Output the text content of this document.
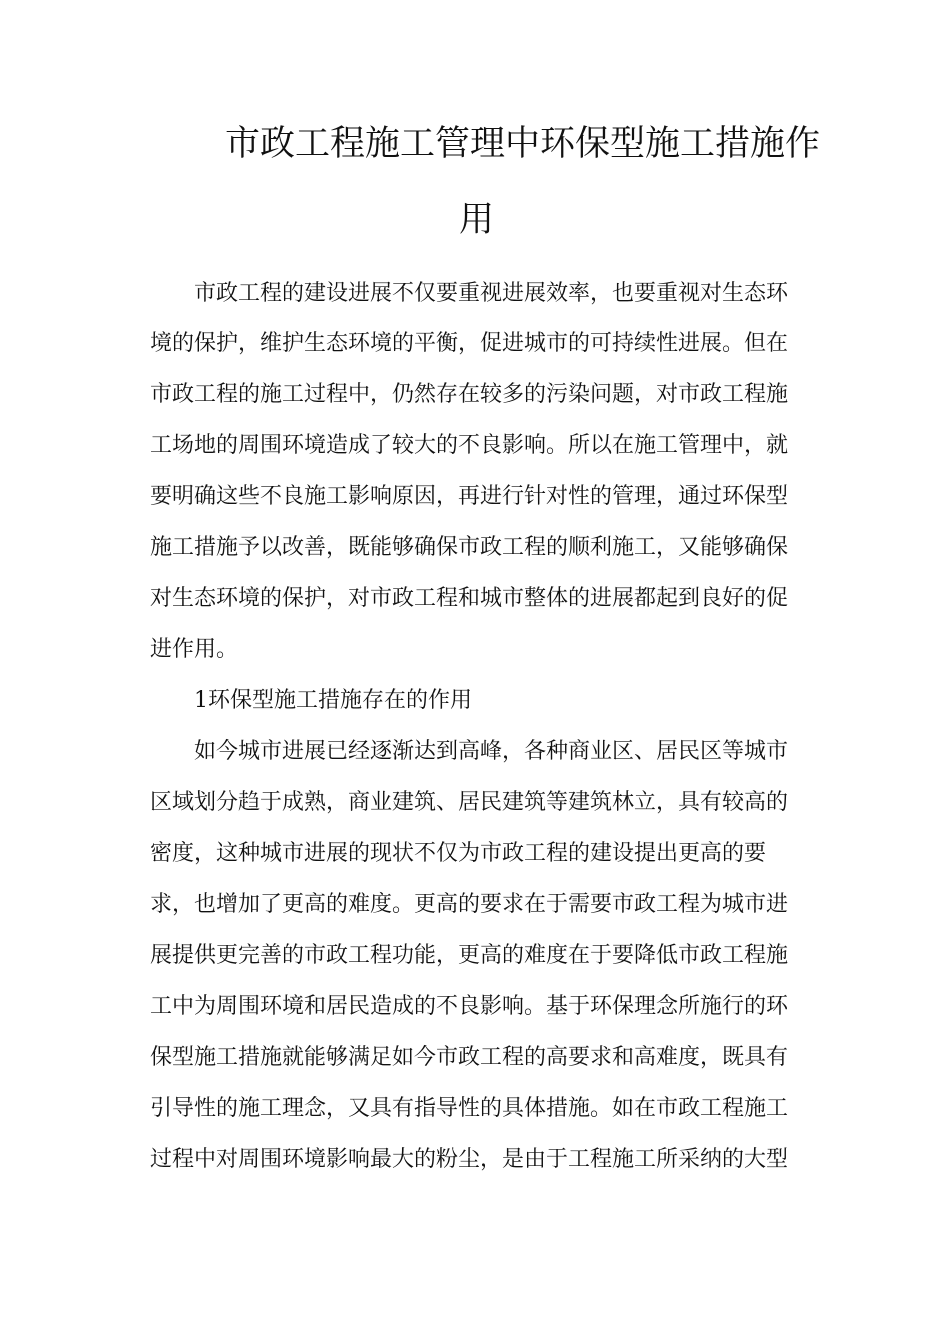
市政工程施工管理中环保型施工措施作
用
市政工程的建设进展不仅要重视进展效率，也要重视对生态环
境的保护，维护生态环境的平衡，促进城市的可持续性进展。但在
市政工程的施工过程中，仍然存在较多的污染问题，对市政工程施
工场地的周围环境造成了较大的不良影响。所以在施工管理中，就
要明确这些不良施工影响原因，再进行针对性的管理，通过环保型
施工措施予以改善，既能够确保市政工程的顺利施工，又能够确保
对生态环境的保护，对市政工程和城市整体的进展都起到良好的促
进作用。
1环保型施工措施存在的作用
如今城市进展已经逐渐达到高峰，各种商业区、居民区等城市
区域划分趋于成熟，商业建筑、居民建筑等建筑林立，具有较高的
密度，这种城市进展的现状不仅为市政工程的建设提出更高的要
求，也增加了更高的难度。更高的要求在于需要市政工程为城市进
展提供更完善的市政工程功能，更高的难度在于要降低市政工程施
工中为周围环境和居民造成的不良影响。基于环保理念所施行的环
保型施工措施就能够满足如今市政工程的高要求和高难度，既具有
引导性的施工理念，又具有指导性的具体措施。如在市政工程施工
过程中对周围环境影响最大的粉尘，是由于工程施工所采纳的大型
